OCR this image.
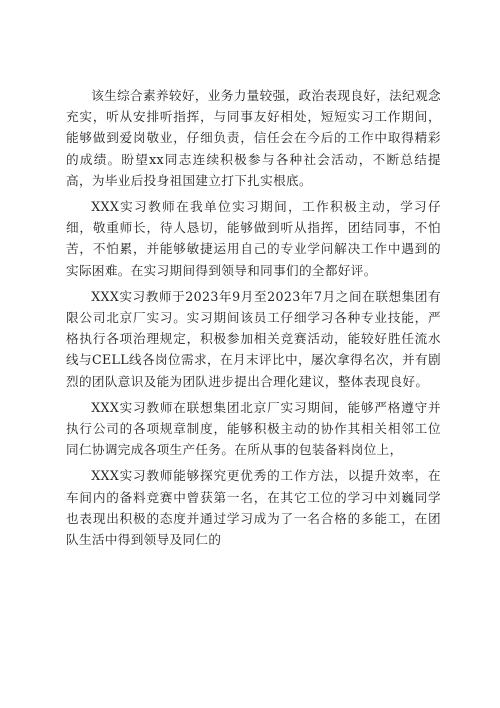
该生综合素养较好，业务力量较强，政治表现良好，法纪观念充实，听从安排听指挥，与同事友好相处，短短实习工作期间，能够做到爱岗敬业，仔细负责，信任会在今后的工作中取得精彩的成绩。盼望xx同志连续积极参与各种社会活动，不断总结提高，为毕业后投身祖国建立打下扎实根底。

XXX实习教师在我单位实习期间，工作积极主动，学习仔细，敬重师长，待人恳切，能够做到听从指挥，团结同事，不怕苦，不怕累，并能够敏捷运用自己的专业学问解决工作中遇到的实际困难。在实习期间得到领导和同事们的全都好评。

XXX实习教师于2023年9月至2023年7月之间在联想集团有限公司北京厂实习。实习期间该员工仔细学习各种专业技能，严格执行各项治理规定，积极参加相关竞赛活动，能较好胜任流水线与CELL线各岗位需求，在月末评比中，屡次拿得名次，并有剧烈的团队意识及能为团队进步提出合理化建议，整体表现良好。

XXX实习教师在联想集团北京厂实习期间，能够严格遵守并执行公司的各项规章制度，能够积极主动的协作其相关相邻工位同仁协调完成各项生产任务。在所从事的包装备料岗位上，

XXX实习教师能够探究更优秀的工作方法，以提升效率，在车间内的备料竞赛中曾获第一名，在其它工位的学习中刘巍同学也表现出积极的态度并通过学习成为了一名合格的多能工，在团队生活中得到领导及同仁的
